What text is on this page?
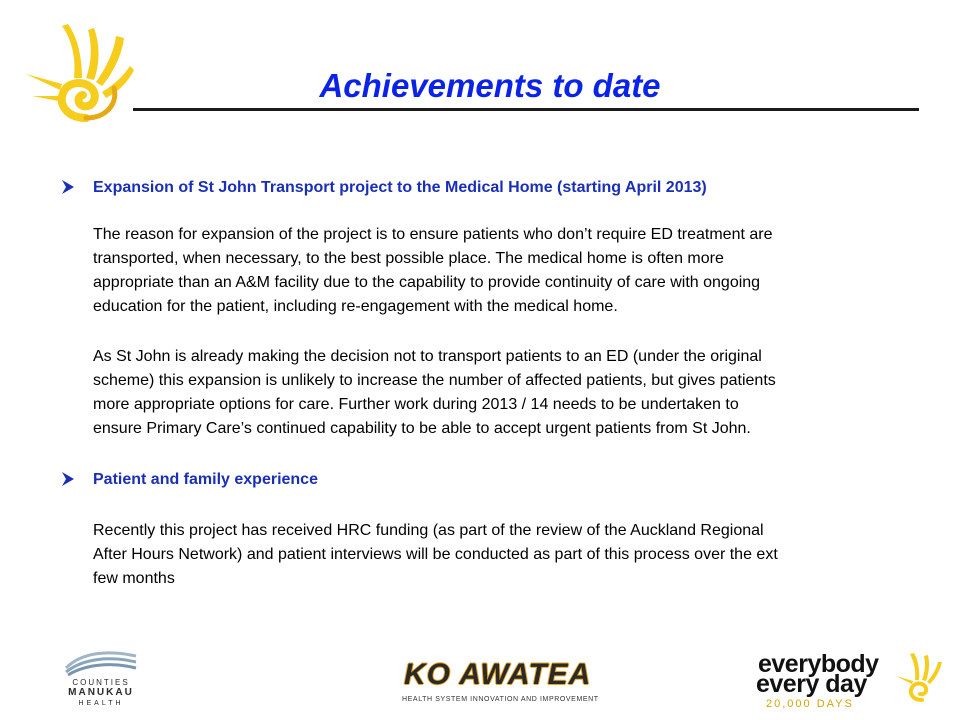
Achievements to date
Expansion of St John Transport project to the Medical Home (starting April 2013)
The reason for expansion of the project is to ensure patients who don’t require ED treatment are
transported, when necessary, to the best possible place. The medical home is often more
appropriate than an A&M facility due to the capability to provide continuity of care with ongoing
education for the patient, including re-engagement with the medical home.
As St John is already making the decision not to transport patients to an ED (under the original
scheme) this expansion is unlikely to increase the number of affected patients, but gives patients
more appropriate options for care. Further work during 2013 / 14 needs to be undertaken to
ensure Primary Care’s continued capability to be able to accept urgent patients from St John.
Patient and family experience
Recently this project has received HRC funding (as part of the review of the Auckland Regional
After Hours Network) and patient interviews will be conducted as part of this process over the ext
few months
COUNTIES
MANUKAU
HEALTH
KO AWATEA
HEALTH SYSTEM INNOVATION AND IMPROVEMENT
everybody
every day
20,000 DAYS
